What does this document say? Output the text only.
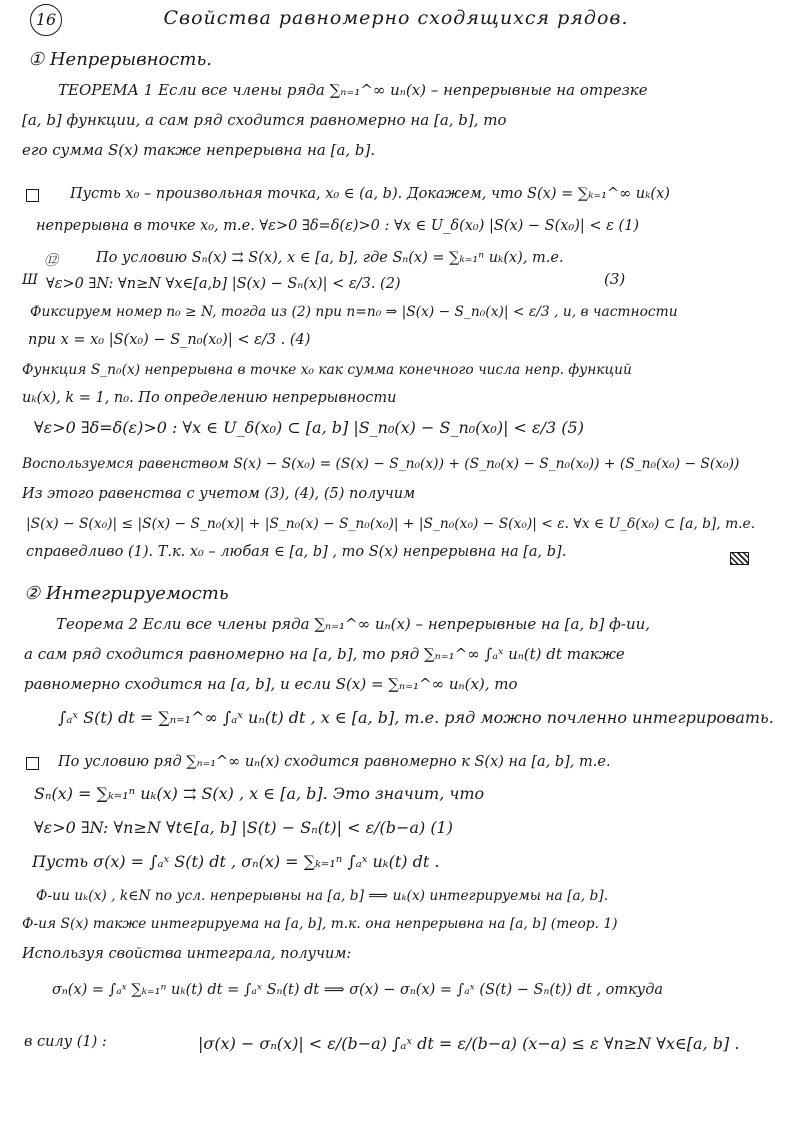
16	Свойства равномерно сходящихся рядов.
① Непрерывность.
ТЕОРЕМА 1 Если все члены ряда ∑ₙ₌₁^∞ uₙ(x) – непрерывные на отрезке
[a, b] функции, а сам ряд сходится равномерно на [a, b], то
его сумма S(x) также непрерывна на [a, b].
Пусть x₀ – произвольная точка, x₀ ∈ (a, b). Докажем, что S(x) = ∑ₖ₌₁^∞ uₖ(x)
непрерывна в точке x₀, т.е. ∀ε>0 ∃δ=δ(ε)>0 : ∀x ∈ U_δ(x₀) |S(x) − S(x₀)| < ε (1)
⑫	По условию Sₙ(x) ⇉ S(x), x ∈ [a, b], где Sₙ(x) = ∑ₖ₌₁ⁿ uₖ(x), т.е.
Ш ∀ε>0 ∃N: ∀n≥N ∀x∈[a,b] |S(x) − Sₙ(x)| < ε/3. (2)	(3)
Фиксируем номер n₀ ≥ N, тогда из (2) при n=n₀ ⇒ |S(x) − S_n₀(x)| < ε/3 , и, в частности
при x = x₀ |S(x₀) − S_n₀(x₀)| < ε/3 . (4)
Функция S_n₀(x) непрерывна в точке x₀ как сумма конечного числа непр. функций
uₖ(x), k = 1, n₀. По определению непрерывности
∀ε>0 ∃δ=δ(ε)>0 : ∀x ∈ U_δ(x₀) ⊂ [a, b] |S_n₀(x) − S_n₀(x₀)| < ε/3 (5)
Воспользуемся равенством S(x) − S(x₀) = (S(x) − S_n₀(x)) + (S_n₀(x) − S_n₀(x₀)) + (S_n₀(x₀) − S(x₀))
Из этого равенства с учетом (3), (4), (5) получим
|S(x) − S(x₀)| ≤ |S(x) − S_n₀(x)| + |S_n₀(x) − S_n₀(x₀)| + |S_n₀(x₀) − S(x₀)| < ε. ∀x ∈ U_δ(x₀) ⊂ [a, b], т.е.
справедливо (1). Т.к. x₀ – любая ∈ [a, b] , то S(x) непрерывна на [a, b].
② Интегрируемость
Теорема 2 Если все члены ряда ∑ₙ₌₁^∞ uₙ(x) – непрерывные на [a, b] ф-ии,
а сам ряд сходится равномерно на [a, b], то ряд ∑ₙ₌₁^∞ ∫ₐˣ uₙ(t) dt также
равномерно сходится на [a, b], и если S(x) = ∑ₙ₌₁^∞ uₙ(x), то
∫ₐˣ S(t) dt = ∑ₙ₌₁^∞ ∫ₐˣ uₙ(t) dt , x ∈ [a, b], т.е. ряд можно почленно интегрировать.
По условию ряд ∑ₙ₌₁^∞ uₙ(x) сходится равномерно к S(x) на [a, b], т.е.
Sₙ(x) = ∑ₖ₌₁ⁿ uₖ(x) ⇉ S(x) , x ∈ [a, b]. Это значит, что
∀ε>0 ∃N: ∀n≥N ∀t∈[a, b] |S(t) − Sₙ(t)| < ε/(b−a) (1)
Пусть σ(x) = ∫ₐˣ S(t) dt , σₙ(x) = ∑ₖ₌₁ⁿ ∫ₐˣ uₖ(t) dt .
Ф-ии uₖ(x) , k∈N по усл. непрерывны на [a, b] ⟹ uₖ(x) интегрируемы на [a, b].
Ф-ия S(x) также интегрируема на [a, b], т.к. она непрерывна на [a, b] (теор. 1)
Используя свойства интеграла, получим:
σₙ(x) = ∫ₐˣ ∑ₖ₌₁ⁿ uₖ(t) dt = ∫ₐˣ Sₙ(t) dt ⟹ σ(x) − σₙ(x) = ∫ₐˣ (S(t) − Sₙ(t)) dt , откуда
в силу (1) :	|σ(x) − σₙ(x)| < ε/(b−a) ∫ₐˣ dt = ε/(b−a) (x−a) ≤ ε ∀n≥N ∀x∈[a, b] .
